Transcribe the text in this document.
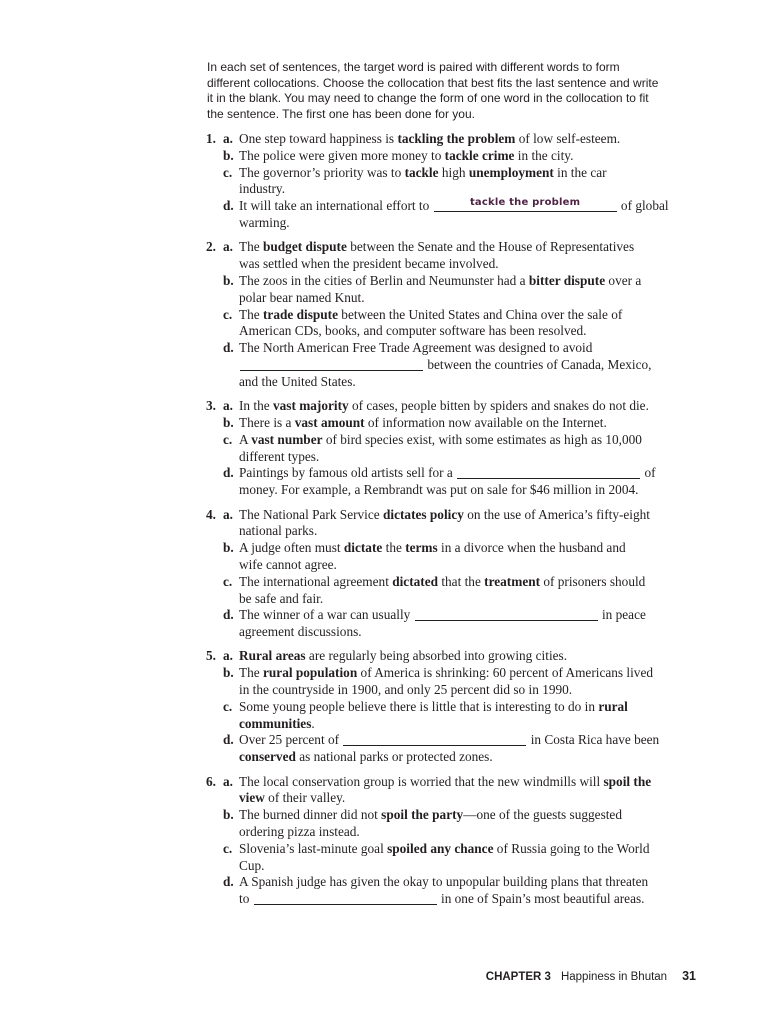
In each set of sentences, the target word is paired with different words to form
different collocations. Choose the collocation that best fits the last sentence and write
it in the blank. You may need to change the form of one word in the collocation to fit
the sentence. The first one has been done for you.
1. a. One step toward happiness is tackling the problem of low self-esteem.
b. The police were given more money to tackle crime in the city.
c. The governor’s priority was to tackle high unemployment in the car
industry.
d. It will take an international effort to	tackle the problem	of global
warming.
2. a. The budget dispute between the Senate and the House of Representatives
was settled when the president became involved.
b. The zoos in the cities of Berlin and Neumunster had a bitter dispute over a
polar bear named Knut.
c. The trade dispute between the United States and China over the sale of
American CDs, books, and computer software has been resolved.
d. The North American Free Trade Agreement was designed to avoid
between the countries of Canada, Mexico,
and the United States.
3. a. In the vast majority of cases, people bitten by spiders and snakes do not die.
b. There is a vast amount of information now available on the Internet.
c. A vast number of bird species exist, with some estimates as high as 10,000
different types.
d. Paintings by famous old artists sell for a	of
money. For example, a Rembrandt was put on sale for $46 million in 2004.
4. a. The National Park Service dictates policy on the use of America’s fifty-eight
national parks.
b. A judge often must dictate the terms in a divorce when the husband and
wife cannot agree.
c. The international agreement dictated that the treatment of prisoners should
be safe and fair.
d. The winner of a war can usually	in peace
agreement discussions.
5. a. Rural areas are regularly being absorbed into growing cities.
b. The rural population of America is shrinking: 60 percent of Americans lived
in the countryside in 1900, and only 25 percent did so in 1990.
c. Some young people believe there is little that is interesting to do in rural
communities.
d. Over 25 percent of	in Costa Rica have been
conserved as national parks or protected zones.
6. a. The local conservation group is worried that the new windmills will spoil the
view of their valley.
b. The burned dinner did not spoil the party—one of the guests suggested
ordering pizza instead.
c. Slovenia’s last-minute goal spoiled any chance of Russia going to the World
Cup.
d. A Spanish judge has given the okay to unpopular building plans that threaten
to	in one of Spain’s most beautiful areas.
CHAPTER 3 Happiness in Bhutan 31
